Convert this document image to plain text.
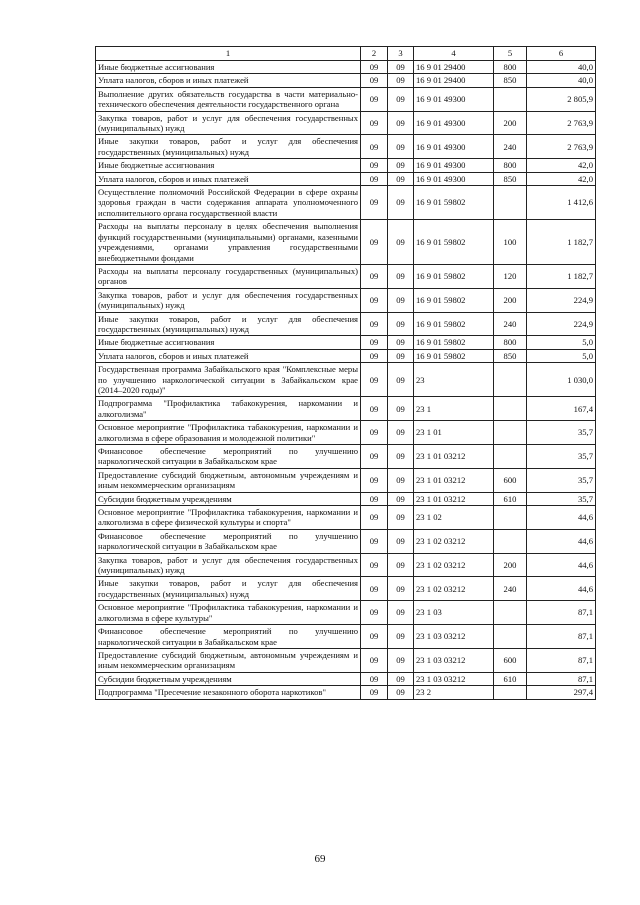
1	2	3	4	5	6
Иные бюджетные ассигнования	09	09	16 9 01 29400	800	40,0
Уплата налогов, сборов и иных платежей	09	09	16 9 01 29400	850	40,0
Выполнение других обязательств государства в части материально-технического обеспечения деятельности государственного органа	09	09	16 9 01 49300		2 805,9
Закупка товаров, работ и услуг для обеспечения государственных (муниципальных) нужд	09	09	16 9 01 49300	200	2 763,9
Иные закупки товаров, работ и услуг для обеспечения государственных (муниципальных) нужд	09	09	16 9 01 49300	240	2 763,9
Иные бюджетные ассигнования	09	09	16 9 01 49300	800	42,0
Уплата налогов, сборов и иных платежей	09	09	16 9 01 49300	850	42,0
Осуществление полномочий Российской Федерации в сфере охраны здоровья граждан в части содержания аппарата уполномоченного исполнительного органа государственной власти	09	09	16 9 01 59802		1 412,6
Расходы на выплаты персоналу в целях обеспечения выполнения функций государственными (муниципальными) органами, казенными учреждениями, органами управления государственными внебюджетными фондами	09	09	16 9 01 59802	100	1 182,7
Расходы на выплаты персоналу государственных (муниципальных) органов	09	09	16 9 01 59802	120	1 182,7
Закупка товаров, работ и услуг для обеспечения государственных (муниципальных) нужд	09	09	16 9 01 59802	200	224,9
Иные закупки товаров, работ и услуг для обеспечения государственных (муниципальных) нужд	09	09	16 9 01 59802	240	224,9
Иные бюджетные ассигнования	09	09	16 9 01 59802	800	5,0
Уплата налогов, сборов и иных платежей	09	09	16 9 01 59802	850	5,0
Государственная программа Забайкальского края "Комплексные меры по улучшению наркологической ситуации в Забайкальском крае (2014–2020 годы)"	09	09	23		1 030,0
Подпрограмма "Профилактика табакокурения, наркомании и алкоголизма"	09	09	23 1		167,4
Основное мероприятие "Профилактика табакокурения, наркомании и алкоголизма в сфере образования и молодежной политики"	09	09	23 1 01		35,7
Финансовое обеспечение мероприятий по улучшению наркологической ситуации в Забайкальском крае	09	09	23 1 01 03212		35,7
Предоставление субсидий бюджетным, автономным учреждениям и иным некоммерческим организациям	09	09	23 1 01 03212	600	35,7
Субсидии бюджетным учреждениям	09	09	23 1 01 03212	610	35,7
Основное мероприятие "Профилактика табакокурения, наркомании и алкоголизма в сфере физической культуры и спорта"	09	09	23 1 02		44,6
Финансовое обеспечение мероприятий по улучшению наркологической ситуации в Забайкальском крае	09	09	23 1 02 03212		44,6
Закупка товаров, работ и услуг для обеспечения государственных (муниципальных) нужд	09	09	23 1 02 03212	200	44,6
Иные закупки товаров, работ и услуг для обеспечения государственных (муниципальных) нужд	09	09	23 1 02 03212	240	44,6
Основное мероприятие "Профилактика табакокурения, наркомании и алкоголизма в сфере культуры"	09	09	23 1 03		87,1
Финансовое обеспечение мероприятий по улучшению наркологической ситуации в Забайкальском крае	09	09	23 1 03 03212		87,1
Предоставление субсидий бюджетным, автономным учреждениям и иным некоммерческим организациям	09	09	23 1 03 03212	600	87,1
Субсидии бюджетным учреждениям	09	09	23 1 03 03212	610	87,1
Подпрограмма "Пресечение незаконного оборота наркотиков"	09	09	23 2		297,4
69
